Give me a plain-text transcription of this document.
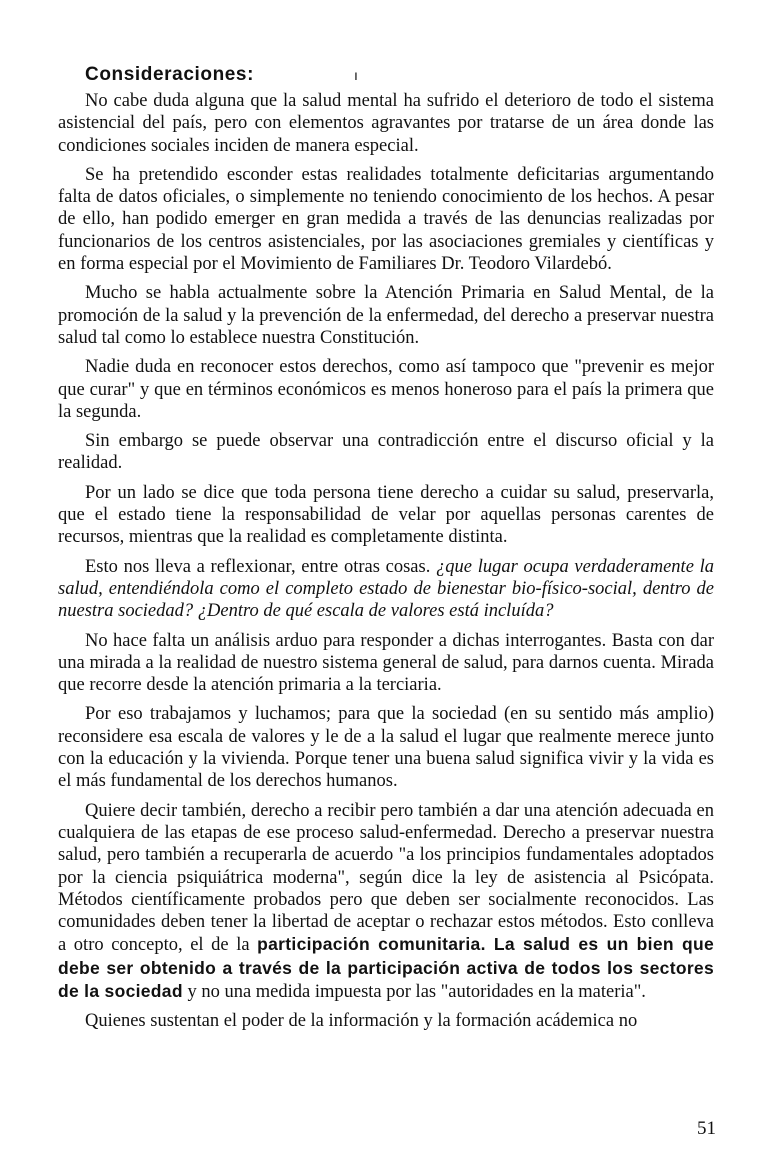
Consideraciones:	ı

No cabe duda alguna que la salud mental ha sufrido el deterioro de todo el sistema asistencial del país, pero con elementos agravantes por tratarse de un área donde las condiciones sociales inciden de manera especial.

Se ha pretendido esconder estas realidades totalmente deficitarias argumentando falta de datos oficiales, o simplemente no teniendo conocimiento de los hechos. A pesar de ello, han podido emerger en gran medida a través de las denuncias realizadas por funcionarios de los centros asistenciales, por las asociaciones gremiales y científicas y en forma especial por el Movimiento de Familiares Dr. Teodoro Vilardebó.

Mucho se habla actualmente sobre la Atención Primaria en Salud Mental, de la promoción de la salud y la prevención de la enfermedad, del derecho a preservar nuestra salud tal como lo establece nuestra Constitución.

Nadie duda en reconocer estos derechos, como así tampoco que "prevenir es mejor que curar" y que en términos económicos es menos honeroso para el país la primera que la segunda.

Sin embargo se puede observar una contradicción entre el discurso oficial y la realidad.

Por un lado se dice que toda persona tiene derecho a cuidar su salud, preservarla, que el estado tiene la responsabilidad de velar por aquellas personas carentes de recursos, mientras que la realidad es completamente distinta.

Esto nos lleva a reflexionar, entre otras cosas. ¿que lugar ocupa verdaderamente la salud, entendiéndola como el completo estado de bienestar bio-físico-social, dentro de nuestra sociedad? ¿Dentro de qué escala de valores está incluída?

No hace falta un análisis arduo para responder a dichas interrogantes. Basta con dar una mirada a la realidad de nuestro sistema general de salud, para darnos cuenta. Mirada que recorre desde la atención primaria a la terciaria.

Por eso trabajamos y luchamos; para que la sociedad (en su sentido más amplio) reconsidere esa escala de valores y le de a la salud el lugar que realmente merece junto con la educación y la vivienda. Porque tener una buena salud significa vivir y la vida es el más fundamental de los derechos humanos.

Quiere decir también, derecho a recibir pero también a dar una atención adecuada en cualquiera de las etapas de ese proceso salud-enfermedad. Derecho a preservar nuestra salud, pero también a recuperarla de acuerdo "a los principios fundamentales adoptados por la ciencia psiquiátrica moderna", según dice la ley de asistencia al Psicópata. Métodos científicamente probados pero que deben ser socialmente reconocidos. Las comunidades deben tener la libertad de aceptar o rechazar estos métodos. Esto conlleva a otro concepto, el de la participación comunitaria. La salud es un bien que debe ser obtenido a través de la participación activa de todos los sectores de la sociedad y no una medida impuesta por las "autoridades en la materia".

Quienes sustentan el poder de la información y la formación acádemica no

51
